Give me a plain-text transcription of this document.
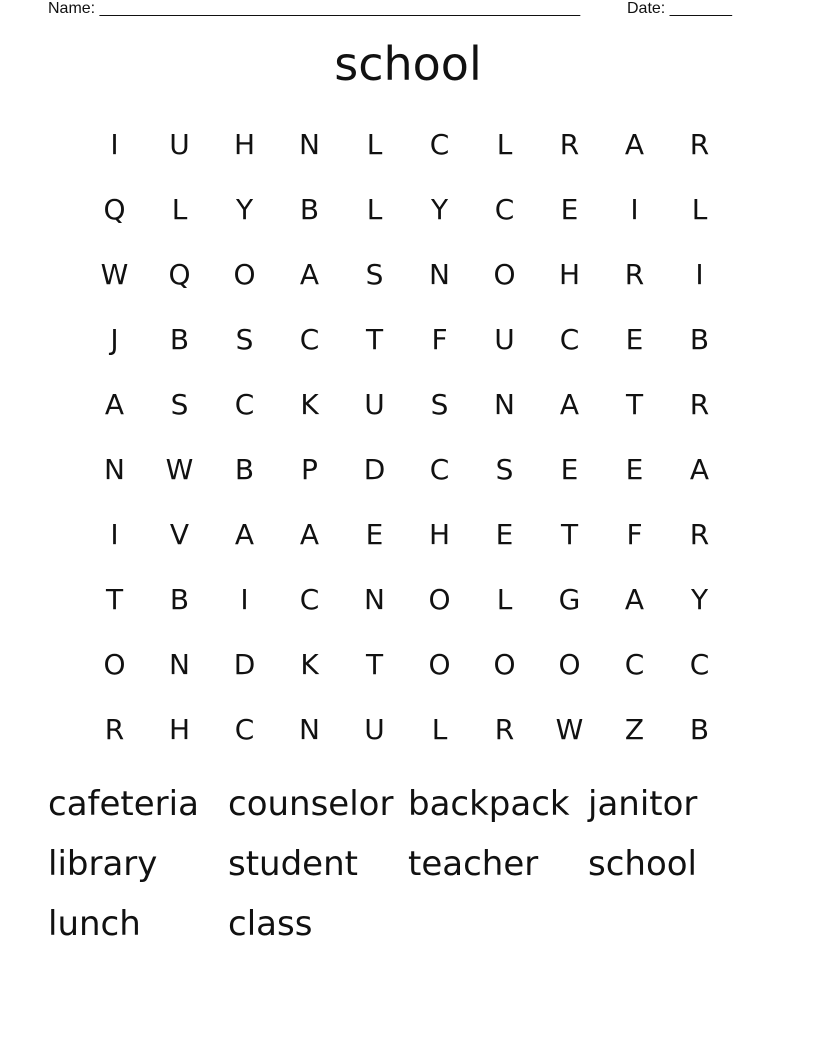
Name: ______________________________________________________	Date: _______
school
I	U	H	N	L	C	L	R	A	R
Q	L	Y	B	L	Y	C	E	I	L
W	Q	O	A	S	N	O	H	R	I
J	B	S	C	T	F	U	C	E	B
A	S	C	K	U	S	N	A	T	R
N	W	B	P	D	C	S	E	E	A
I	V	A	A	E	H	E	T	F	R
T	B	I	C	N	O	L	G	A	Y
O	N	D	K	T	O	O	O	C	C
R	H	C	N	U	L	R	W	Z	B
cafeteria counselor backpack janitor
library	student	teacher	school
lunch	class
